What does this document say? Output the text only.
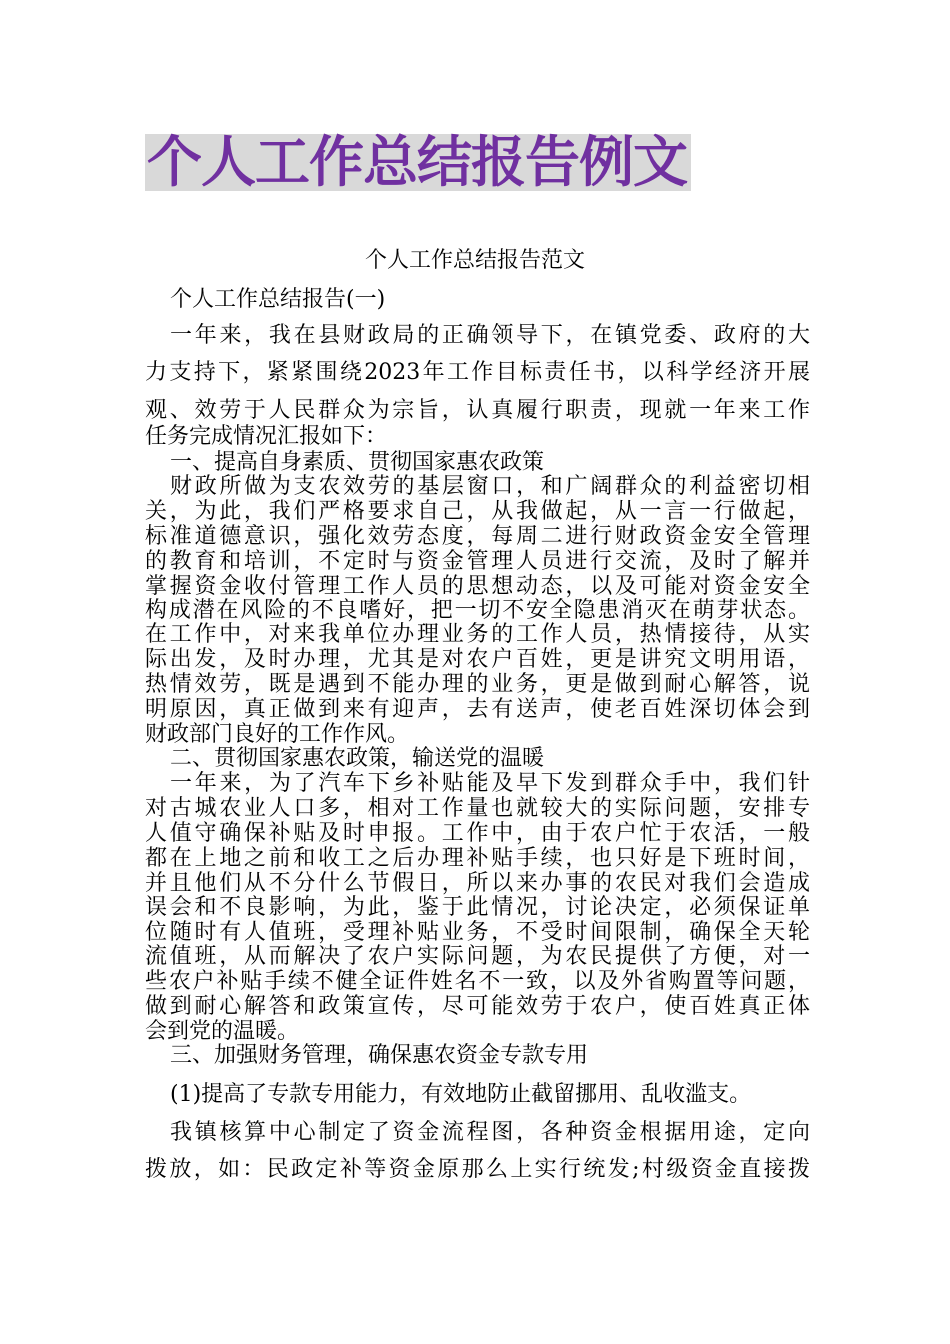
个人工作总结报告例文
个人工作总结报告范文
个人工作总结报告(一)
一年来，我在县财政局的正确领导下，在镇党委、政府的大
力支持下，紧紧围绕2023年工作目标责任书，以科学经济开展
观、效劳于人民群众为宗旨，认真履行职责，现就一年来工作
任务完成情况汇报如下：
一、提高自身素质、贯彻国家惠农政策
财政所做为支农效劳的基层窗口，和广阔群众的利益密切相
关，为此，我们严格要求自己，从我做起，从一言一行做起，
标准道德意识，强化效劳态度，每周二进行财政资金安全管理
的教育和培训，不定时与资金管理人员进行交流，及时了解并
掌握资金收付管理工作人员的思想动态，以及可能对资金安全
构成潜在风险的不良嗜好，把一切不安全隐患消灭在萌芽状态。
在工作中，对来我单位办理业务的工作人员，热情接待，从实
际出发，及时办理，尤其是对农户百姓，更是讲究文明用语，
热情效劳，既是遇到不能办理的业务，更是做到耐心解答，说
明原因，真正做到来有迎声，去有送声，使老百姓深切体会到
财政部门良好的工作作风。
二、贯彻国家惠农政策，输送党的温暖
一年来，为了汽车下乡补贴能及早下发到群众手中，我们针
对古城农业人口多，相对工作量也就较大的实际问题，安排专
人值守确保补贴及时申报。工作中，由于农户忙于农活，一般
都在上地之前和收工之后办理补贴手续，也只好是下班时间，
并且他们从不分什么节假日，所以来办事的农民对我们会造成
误会和不良影响，为此，鉴于此情况，讨论决定，必须保证单
位随时有人值班，受理补贴业务，不受时间限制，确保全天轮
流值班，从而解决了农户实际问题，为农民提供了方便，对一
些农户补贴手续不健全证件姓名不一致，以及外省购置等问题，
做到耐心解答和政策宣传，尽可能效劳于农户，使百姓真正体
会到党的温暖。
三、加强财务管理，确保惠农资金专款专用
(1)提高了专款专用能力，有效地防止截留挪用、乱收滥支。
我镇核算中心制定了资金流程图，各种资金根据用途，定向
拨放，如：民政定补等资金原那么上实行统发;村级资金直接拨
